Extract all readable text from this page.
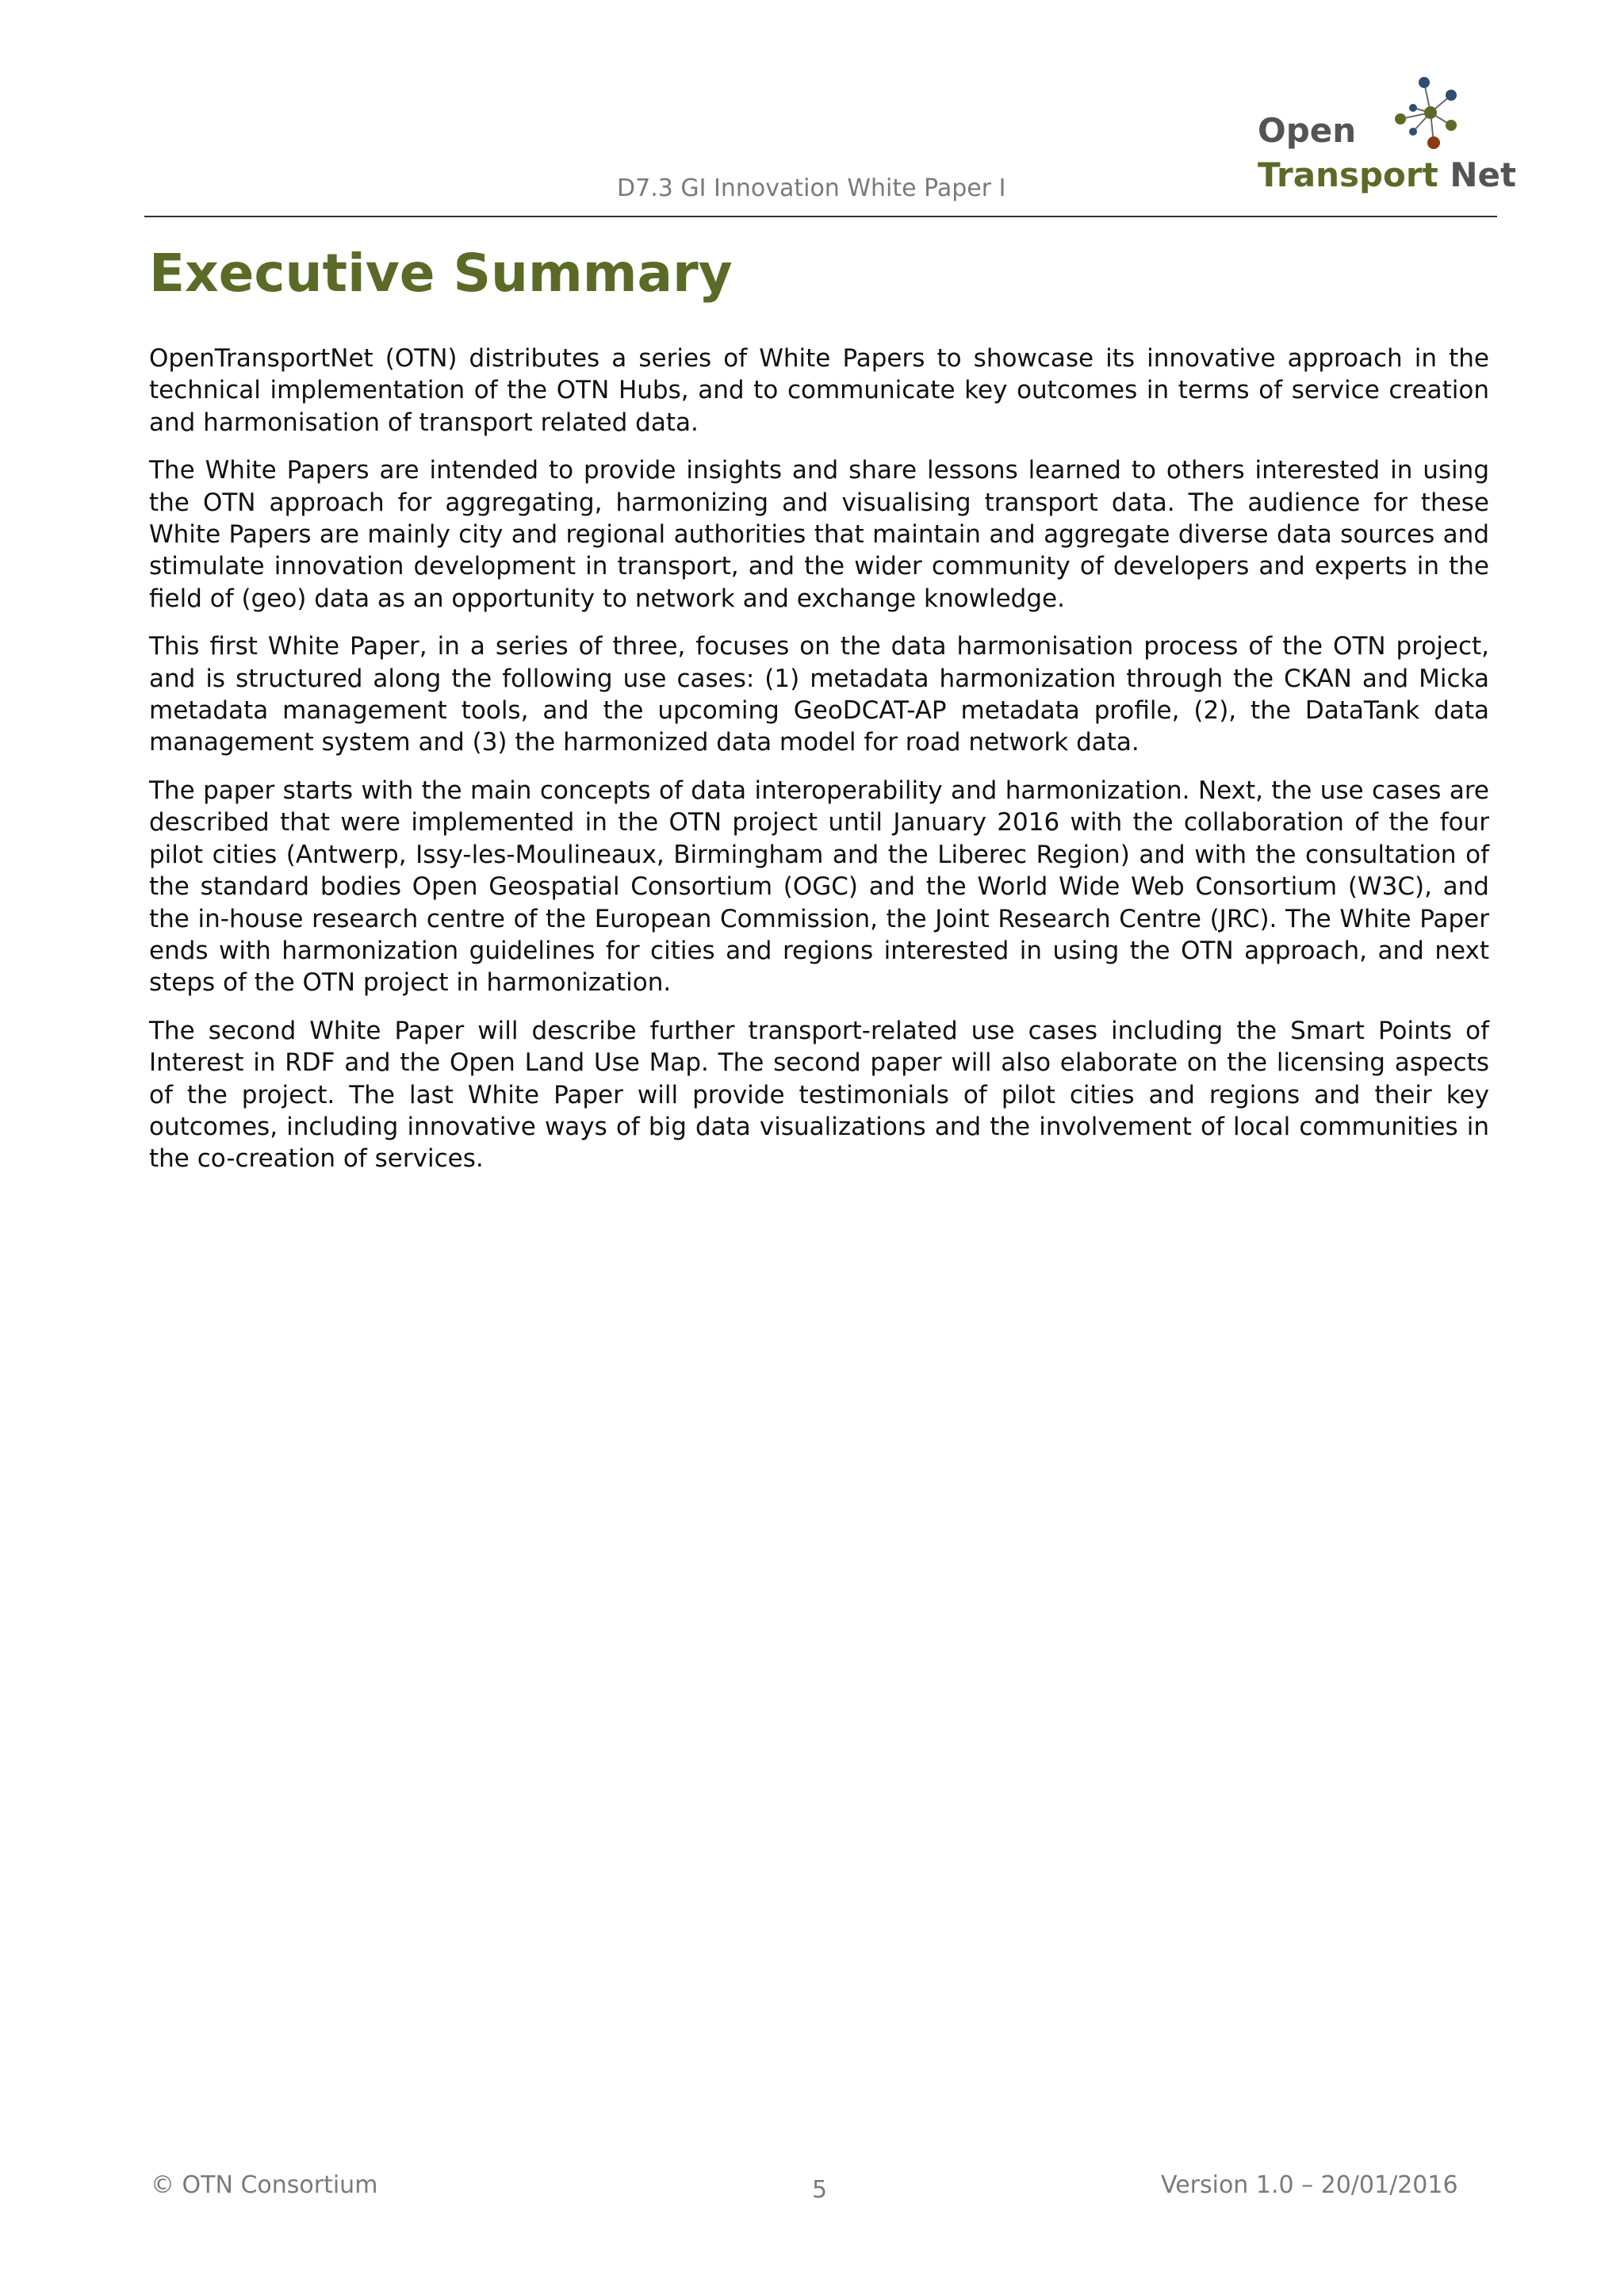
D7.3 GI Innovation White Paper I
Open
Transport Net
Executive Summary

OpenTransportNet (OTN) distributes a series of White Papers to showcase its innovative approach in the technical implementation of the OTN Hubs, and to communicate key outcomes in terms of service creation and harmonisation of transport related data.

The White Papers are intended to provide insights and share lessons learned to others interested in using the OTN approach for aggregating, harmonizing and visualising transport data. The audience for these White Papers are mainly city and regional authorities that maintain and aggregate diverse data sources and stimulate innovation development in transport, and the wider community of developers and experts in the field of (geo) data as an opportunity to network and exchange knowledge.

This first White Paper, in a series of three, focuses on the data harmonisation process of the OTN project, and is structured along the following use cases: (1) metadata harmonization through the CKAN and Micka metadata management tools, and the upcoming GeoDCAT-AP metadata profile, (2), the DataTank data management system and (3) the harmonized data model for road network data.

The paper starts with the main concepts of data interoperability and harmonization. Next, the use cases are described that were implemented in the OTN project until January 2016 with the collaboration of the four pilot cities (Antwerp, Issy-les-Moulineaux, Birmingham and the Liberec Region) and with the consultation of the standard bodies Open Geospatial Consortium (OGC) and the World Wide Web Consortium (W3C), and the in-house research centre of the European Commission, the Joint Research Centre (JRC). The White Paper ends with harmonization guidelines for cities and regions interested in using the OTN approach, and next steps of the OTN project in harmonization.

The second White Paper will describe further transport-related use cases including the Smart Points of Interest in RDF and the Open Land Use Map. The second paper will also elaborate on the licensing aspects of the project. The last White Paper will provide testimonials of pilot cities and regions and their key outcomes, including innovative ways of big data visualizations and the involvement of local communities in the co-creation of services.

© OTN Consortium	5	Version 1.0 – 20/01/2016
